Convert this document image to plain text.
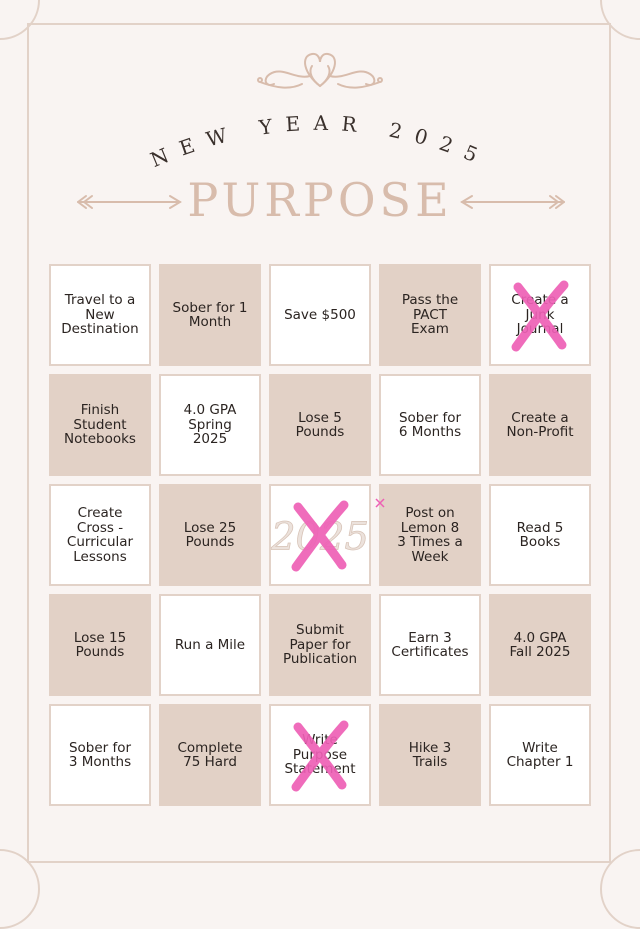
NEW YEAR 2025
PURPOSE
Travel to a
New
Destination
Sober for 1
Month	Save $500
Pass the
PACT
Exam
Create a
Junk
Journal
Finish
Student
Notebooks
4.0 GPA
Spring
2025
Lose 5
Pounds
Sober for
6 Months
Create a
Non-Profit
Create
Cross -
Curricular
Lessons
Lose 25
Pounds 2025
Post on
Lemon 8
3 Times a
Week
Read 5
Books
Lose 15
Pounds	Run a Mile
Submit
Paper for
Publication
Earn 3
Certificates
4.0 GPA
Fall 2025
Sober for
3 Months
Complete
75 Hard
Write
Purpose
Statement
Hike 3
Trails
Write
Chapter 1
